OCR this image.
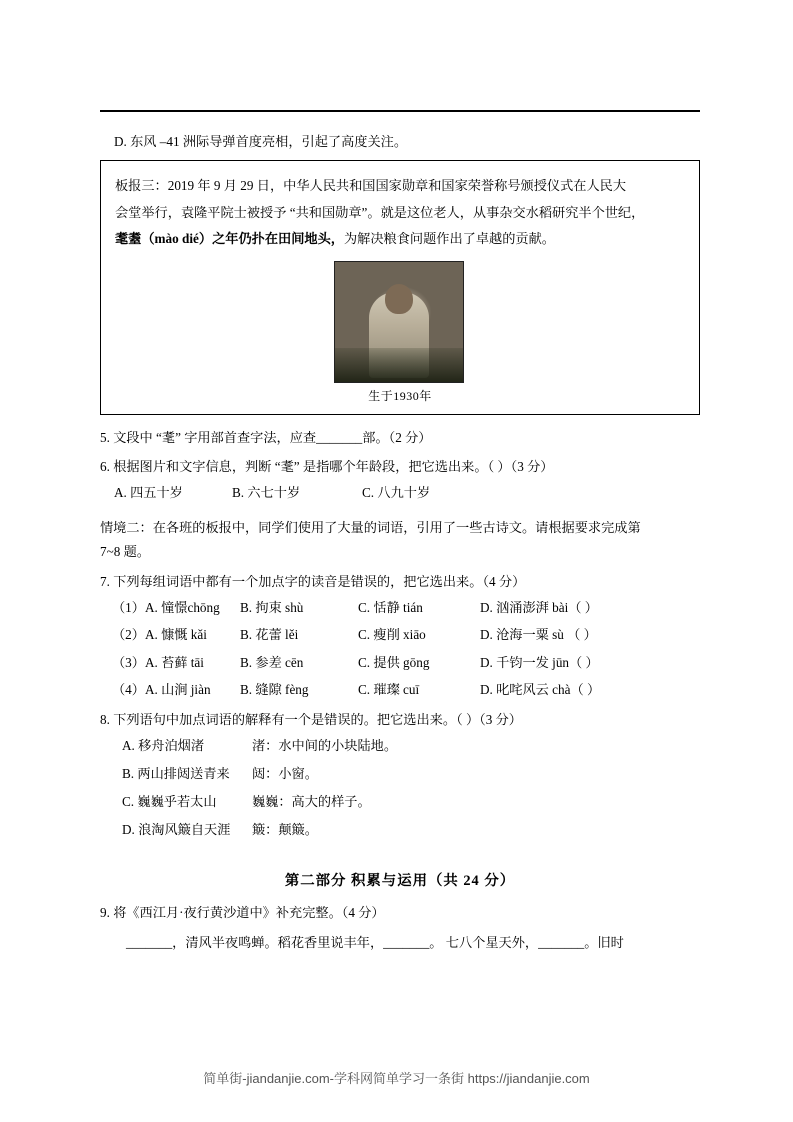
D. 东风 –41 洲际导弹首度亮相，引起了高度关注。

板报三：2019 年 9 月 29 日，中华人民共和国国家勋章和国家荣誉称号颁授仪式在人民大

会堂举行，袁隆平院士被授予 “共和国勋章”。就是这位老人，从事杂交水稻研究半个世纪，

耄耋（mào dié）之年仍扑在田间地头，为解决粮食问题作出了卓越的贡献。

生于1930年
5. 文段中 “耄” 字用部首查字法，应查_______部。（2 分）
6. 根据图片和文字信息，判断 “耄” 是指哪个年龄段，把它选出来。（ ）（3 分）
A. 四五十岁	B. 六七十岁	C. 八九十岁
情境二：在各班的板报中，同学们使用了大量的词语，引用了一些古诗文。请根据要求完成第
7~8 题。
7. 下列每组词语中都有一个加点字的读音是错误的，把它选出来。（4 分）
（1）A. 憧憬chōng	B. 拘束 shù	C. 恬静 tián	D. 汹涌澎湃 bài（ ）
（2）A. 慷慨 kǎi	B. 花蕾 lěi	C. 瘦削 xiāo	D. 沧海一粟 sù （ ）
（3）A. 苔藓 tāi	B. 参差 cēn	C. 提供 gōng	D. 千钧一发 jūn（ ）
（4）A. 山涧 jiàn	B. 缝隙 fèng	C. 璀璨 cuī	D. 叱咤风云 chà（ ）
8. 下列语句中加点词语的解释有一个是错误的。把它选出来。（ ）（3 分）
A. 移舟泊烟渚	渚：水中间的小块陆地。
B. 两山排闼送青来	闼：小窗。
C. 巍巍乎若太山	巍巍：高大的样子。
D. 浪淘风簸自天涯	簸：颠簸。
第二部分 积累与运用（共 24 分）
9. 将《西江月·夜行黄沙道中》补充完整。（4 分）
_______，清风半夜鸣蝉。稻花香里说丰年，_______。 七八个星天外，_______。旧时
简单街-jiandanjie.com-学科网简单学习一条街 https://jiandanjie.com
